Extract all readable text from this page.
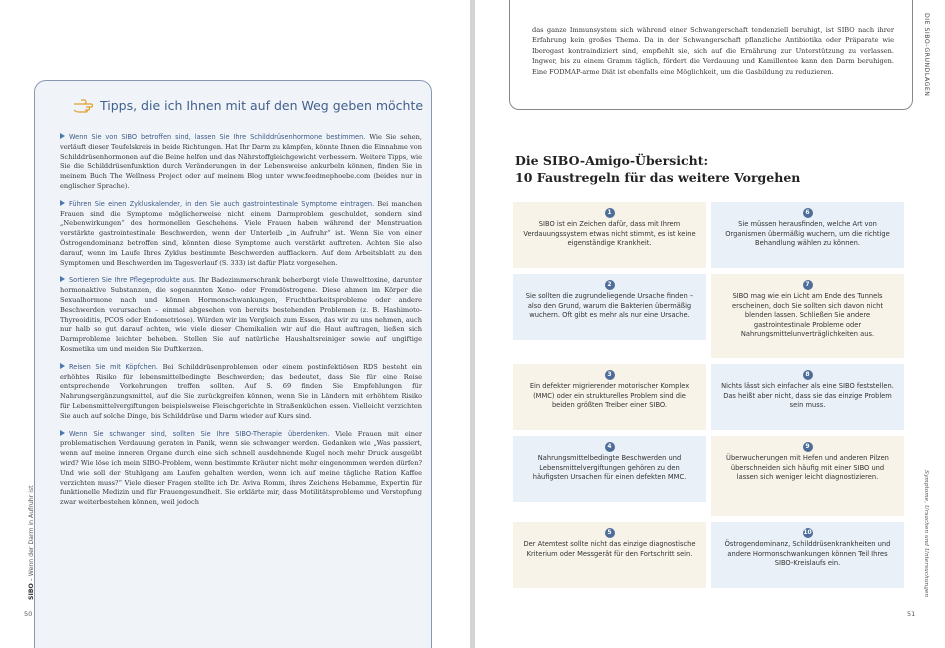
Tipps, die ich Ihnen mit auf den Weg geben möchte

Wenn Sie von SIBO betroffen sind, lassen Sie Ihre Schilddrüsenhormone bestimmen. Wie Sie sehen, verläuft dieser Teufelskreis in beide Richtungen. Hat Ihr Darm zu kämpfen, könnte Ihnen die Einnahme von Schilddrüsenhormonen auf die Beine helfen und das Nährstoffgleichgewicht verbessern. Weitere Tipps, wie Sie die Schilddrüsenfunktion durch Veränderungen in der Lebensweise ankurbeln können, finden Sie in meinem Buch The Wellness Project oder auf meinem Blog unter www.feedmephoebe.com (beides nur in englischer Sprache).

Führen Sie einen Zykluskalender, in den Sie auch gastrointestinale Symptome eintragen. Bei manchen Frauen sind die Symptome möglicherweise nicht einem Darmproblem geschuldet, sondern sind „Nebenwirkungen“ des hormonellen Geschehens. Viele Frauen haben während der Menstruation verstärkte gastrointestinale Beschwerden, wenn der Unterleib „in Aufruhr“ ist. Wenn Sie von einer Östrogendominanz betroffen sind, könnten diese Symptome auch verstärkt auftreten. Achten Sie also darauf, wenn im Laufe Ihres Zyklus bestimmte Beschwerden aufflackern. Auf dem Arbeitsblatt zu den Symptomen und Beschwerden im Tagesverlauf (S. 333) ist dafür Platz vorgesehen.

Sortieren Sie Ihre Pflegeprodukte aus. Ihr Badezimmerschrank beherbergt viele Umwelttoxine, darunter hormonaktive Substanzen, die sogenannten Xeno- oder Fremdöstrogene. Diese ahmen im Körper die Sexualhormone nach und können Hormonschwankungen, Fruchtbarkeitsprobleme oder andere Beschwerden verursachen – einmal abgesehen von bereits bestehenden Problemen (z. B. Hashimoto-Thyreoiditis, PCOS oder Endometriose). Würden wir im Vergleich zum Essen, das wir zu uns nehmen, auch nur halb so gut darauf achten, wie viele dieser Chemikalien wir auf die Haut auftragen, ließen sich Darmprobleme leichter beheben. Stellen Sie auf natürliche Haushaltsreiniger sowie auf ungiftige Kosmetika um und meiden Sie Duftkerzen.

Reisen Sie mit Köpfchen. Bei Schilddrüsenproblemen oder einem postinfektiösen RDS besteht ein erhöhtes Risiko für lebensmittelbedingte Beschwerden; das bedeutet, dass Sie für eine Reise entsprechende Vorkehrungen treffen sollten. Auf S. 69 finden Sie Empfehlungen für Nahrungsergänzungsmittel, auf die Sie zurückgreifen können, wenn Sie in Ländern mit erhöhtem Risiko für Lebensmittelvergiftungen beispielsweise Fleischgerichte in Straßenküchen essen. Vielleicht verzichten Sie auch auf solche Dinge, bis Schilddrüse und Darm wieder auf Kurs sind.

Wenn Sie schwanger sind, sollten Sie Ihre SIBO-Therapie überdenken. Viele Frauen mit einer problematischen Verdauung geraten in Panik, wenn sie schwanger werden. Gedanken wie „Was passiert, wenn auf meine inneren Organe durch eine sich schnell ausdehnende Kugel noch mehr Druck ausgeübt wird? Wie löse ich mein SIBO-Problem, wenn bestimmte Kräuter nicht mehr eingenommen werden dürfen? Und wie soll der Stuhlgang am Laufen gehalten werden, wenn ich auf meine tägliche Ration Kaffee verzichten muss?“ Viele dieser Fragen stellte ich Dr. Aviva Romm, ihres Zeichens Hebamme, Expertin für funktionelle Medizin und für Frauengesundheit. Sie erklärte mir, dass Motilitätsprobleme und Verstopfung zwar weiterbestehen können, weil jedoch

SIBO – Wenn der Darm in Aufruhr ist
50

das ganze Immunsystem sich während einer Schwangerschaft tendenziell beruhigt, ist SIBO nach ihrer Erfahrung kein großes Thema. Da in der Schwangerschaft pflanzliche Antibiotika oder Präparate wie Iberogast kontraindiziert sind, empfiehlt sie, sich auf die Ernährung zur Unterstützung zu verlassen. Ingwer, bis zu einem Gramm täglich, fördert die Verdauung und Kamillentee kann den Darm beruhigen. Eine FODMAP-arme Diät ist ebenfalls eine Möglichkeit, um die Gasbildung zu reduzieren.	DIE SIBO-GRUNDLAGEN
Symptome, Ursachen und Untersuchungen
Die SIBO-Amigo-Übersicht:
10 Faustregeln für das weitere Vorgehen
1
SIBO ist ein Zeichen dafür, dass mit Ihrem Verdauungssystem etwas nicht stimmt, es ist keine eigenständige Krankheit.
2
Sie sollten die zugrundeliegende Ursache finden – also den Grund, warum die Bakterien übermäßig wuchern. Oft gibt es mehr als nur eine Ursache.
3
Ein defekter migrierender motorischer Komplex (MMC) oder ein strukturelles Problem sind die beiden größten Treiber einer SIBO.
4
Nahrungsmittelbedingte Beschwerden und Lebensmittelvergiftungen gehören zu den häufigsten Ursachen für einen defekten MMC.
5
Der Atemtest sollte nicht das einzige diagnostische Kriterium oder Messgerät für den Fortschritt sein.
6
Sie müssen herausfinden, welche Art von Organismen übermäßig wuchern, um die richtige Behandlung wählen zu können.
7
SIBO mag wie ein Licht am Ende des Tunnels erscheinen, doch Sie sollten sich davon nicht blenden lassen. Schließen Sie andere gastrointestinale Probleme oder Nahrungsmittelunverträglichkeiten aus.
8
Nichts lässt sich einfacher als eine SIBO feststellen. Das heißt aber nicht, dass sie das einzige Problem sein muss.
9
Überwucherungen mit Hefen und anderen Pilzen überschneiden sich häufig mit einer SIBO und lassen sich weniger leicht diagnostizieren.
10
Östrogendominanz, Schilddrüsenkrankheiten und andere Hormonschwankungen können Teil Ihres SIBO-Kreislaufs ein.
51
